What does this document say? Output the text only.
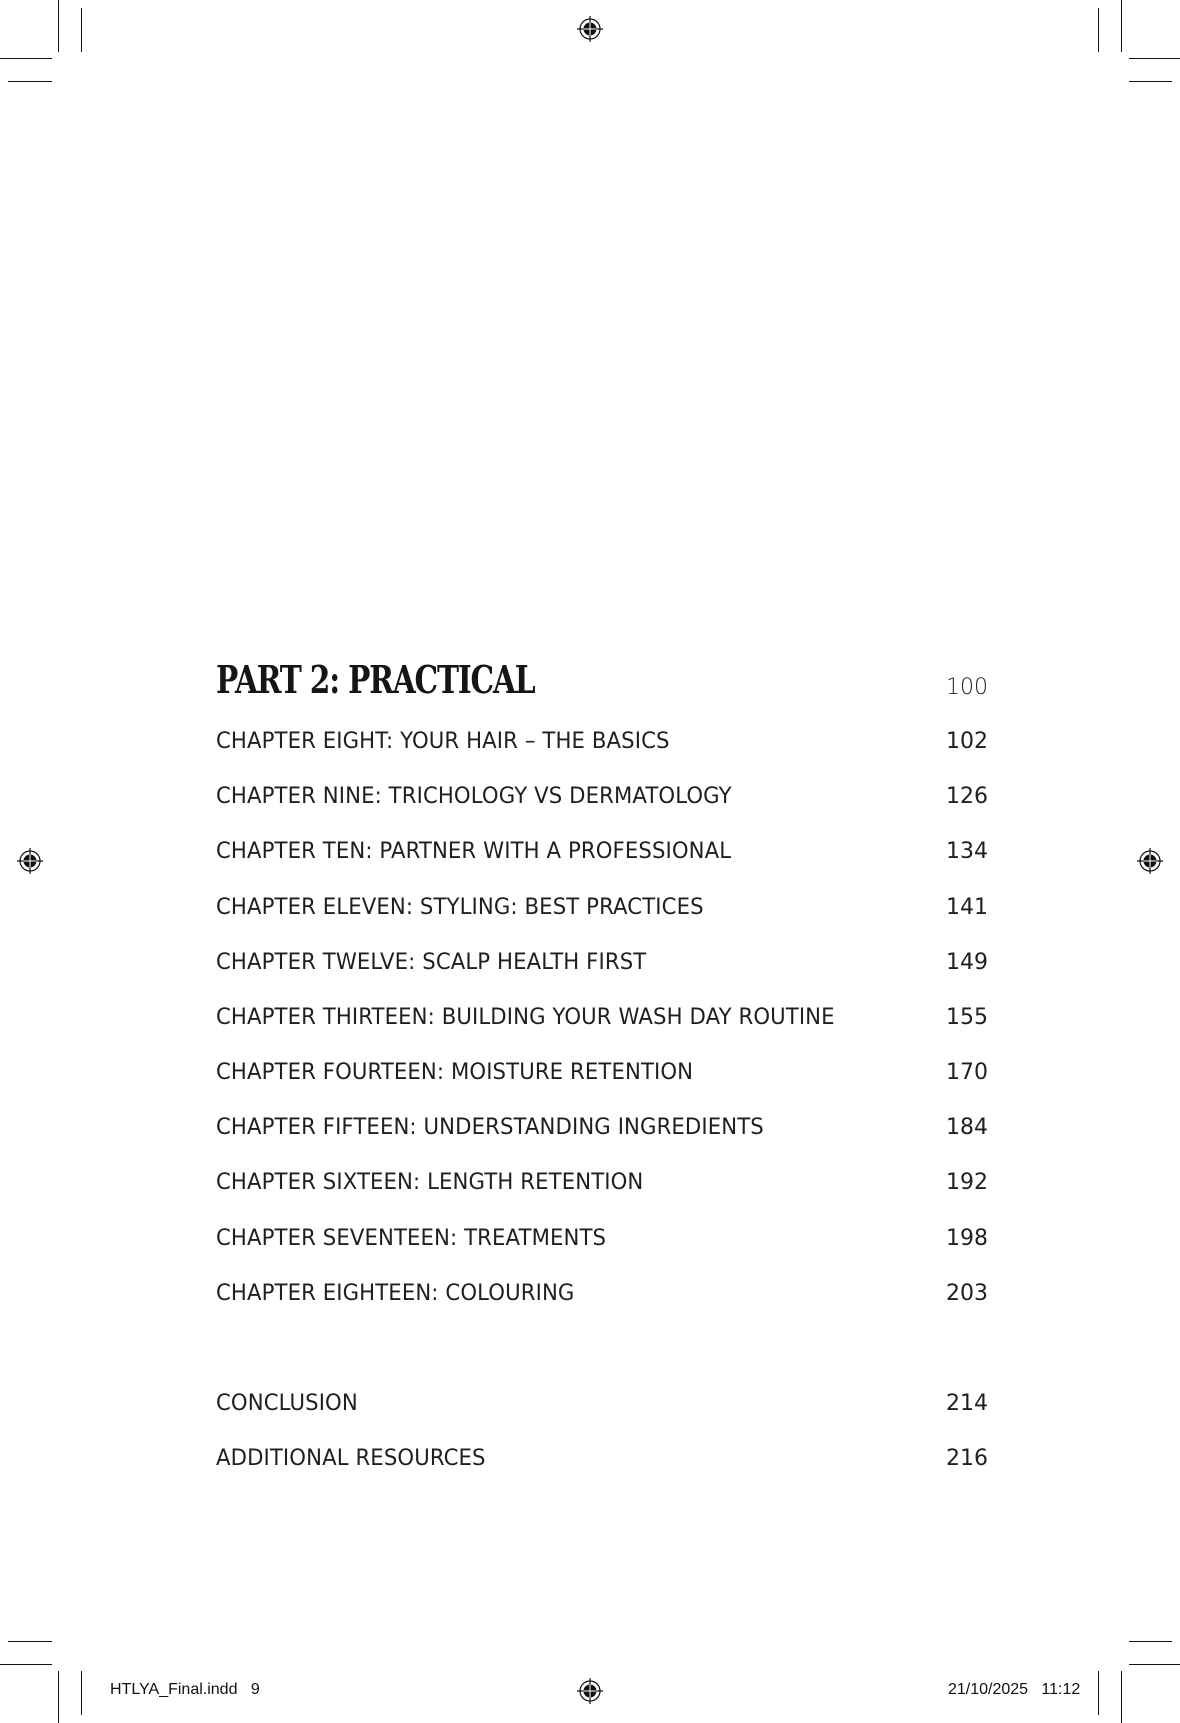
PART 2: PRACTICAL	100
CHAPTER EIGHT: YOUR HAIR – THE BASICS	102
CHAPTER NINE: TRICHOLOGY VS DERMATOLOGY	126
CHAPTER TEN: PARTNER WITH A PROFESSIONAL	134
CHAPTER ELEVEN: STYLING: BEST PRACTICES	141
CHAPTER TWELVE: SCALP HEALTH FIRST	149
CHAPTER THIRTEEN: BUILDING YOUR WASH DAY ROUTINE	155
CHAPTER FOURTEEN: MOISTURE RETENTION	170
CHAPTER FIFTEEN: UNDERSTANDING INGREDIENTS	184
CHAPTER SIXTEEN: LENGTH RETENTION	192
CHAPTER SEVENTEEN: TREATMENTS	198
CHAPTER EIGHTEEN: COLOURING	203
CONCLUSION	214
ADDITIONAL RESOURCES	216
HTLYA_Final.indd 9	21/10/2025 11:12
